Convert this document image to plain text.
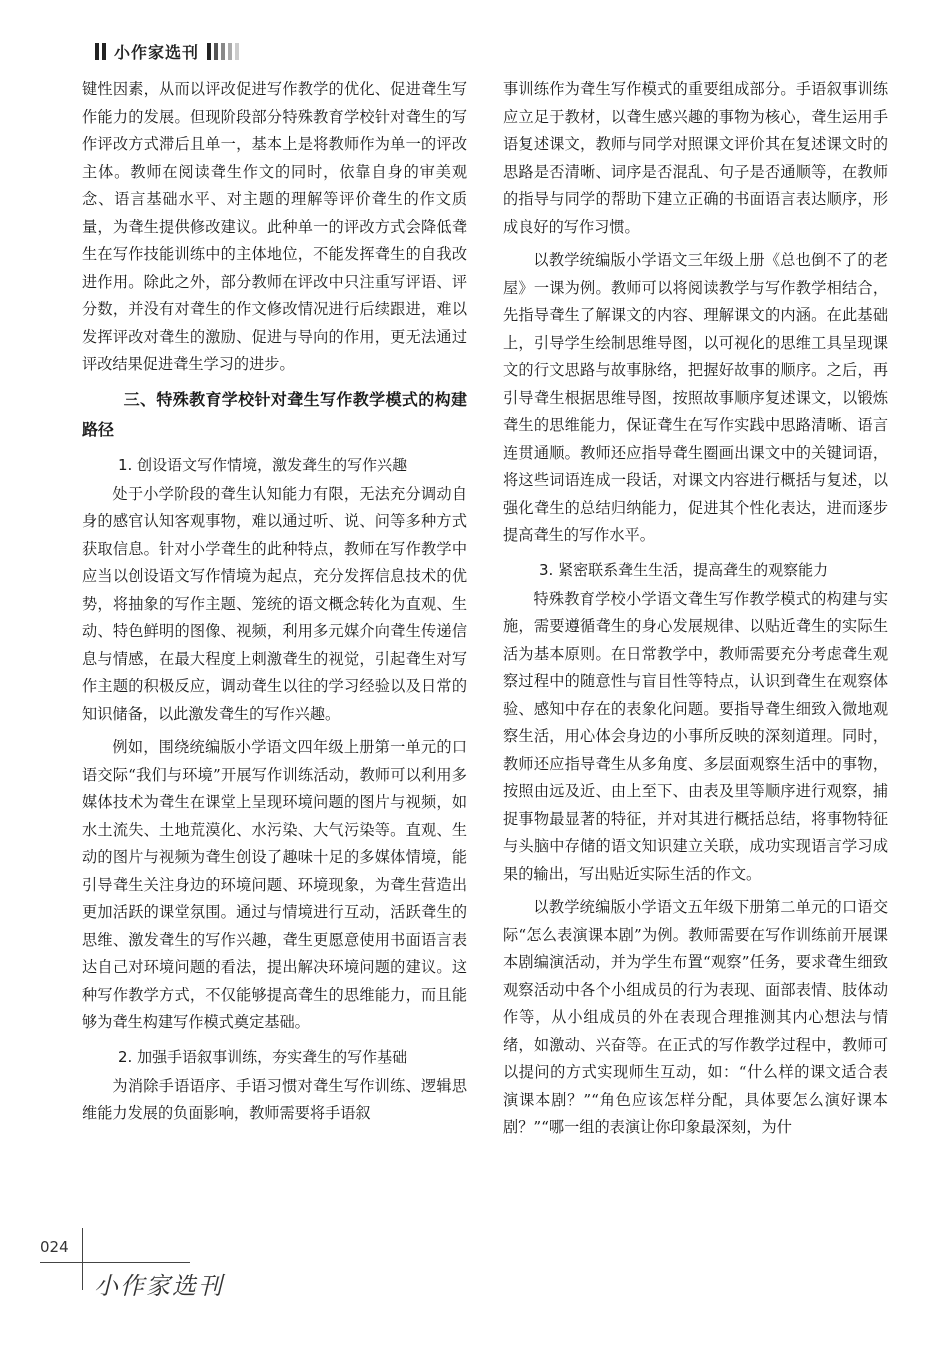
小作家选刊

键性因素，从而以评改促进写作教学的优化、促进聋生写作能力的发展。但现阶段部分特殊教育学校针对聋生的写作评改方式滞后且单一，基本上是将教师作为单一的评改主体。教师在阅读聋生作文的同时，依靠自身的审美观念、语言基础水平、对主题的理解等评价聋生的作文质量，为聋生提供修改建议。此种单一的评改方式会降低聋生在写作技能训练中的主体地位，不能发挥聋生的自我改进作用。除此之外，部分教师在评改中只注重写评语、评分数，并没有对聋生的作文修改情况进行后续跟进，难以发挥评改对聋生的激励、促进与导向的作用，更无法通过评改结果促进聋生学习的进步。

三、特殊教育学校针对聋生写作教学模式的构建路径
1. 创设语文写作情境，激发聋生的写作兴趣

处于小学阶段的聋生认知能力有限，无法充分调动自身的感官认知客观事物，难以通过听、说、问等多种方式获取信息。针对小学聋生的此种特点，教师在写作教学中应当以创设语文写作情境为起点，充分发挥信息技术的优势，将抽象的写作主题、笼统的语文概念转化为直观、生动、特色鲜明的图像、视频，利用多元媒介向聋生传递信息与情感，在最大程度上刺激聋生的视觉，引起聋生对写作主题的积极反应，调动聋生以往的学习经验以及日常的知识储备，以此激发聋生的写作兴趣。

例如，围绕统编版小学语文四年级上册第一单元的口语交际“我们与环境”开展写作训练活动，教师可以利用多媒体技术为聋生在课堂上呈现环境问题的图片与视频，如水土流失、土地荒漠化、水污染、大气污染等。直观、生动的图片与视频为聋生创设了趣味十足的多媒体情境，能引导聋生关注身边的环境问题、环境现象，为聋生营造出更加活跃的课堂氛围。通过与情境进行互动，活跃聋生的思维、激发聋生的写作兴趣，聋生更愿意使用书面语言表达自己对环境问题的看法，提出解决环境问题的建议。这种写作教学方式，不仅能够提高聋生的思维能力，而且能够为聋生构建写作模式奠定基础。

2. 加强手语叙事训练，夯实聋生的写作基础

为消除手语语序、手语习惯对聋生写作训练、逻辑思维能力发展的负面影响，教师需要将手语叙

事训练作为聋生写作模式的重要组成部分。手语叙事训练应立足于教材，以聋生感兴趣的事物为核心，聋生运用手语复述课文，教师与同学对照课文评价其在复述课文时的思路是否清晰、词序是否混乱、句子是否通顺等，在教师的指导与同学的帮助下建立正确的书面语言表达顺序，形成良好的写作习惯。

以教学统编版小学语文三年级上册《总也倒不了的老屋》一课为例。教师可以将阅读教学与写作教学相结合，先指导聋生了解课文的内容、理解课文的内涵。在此基础上，引导学生绘制思维导图，以可视化的思维工具呈现课文的行文思路与故事脉络，把握好故事的顺序。之后，再引导聋生根据思维导图，按照故事顺序复述课文，以锻炼聋生的思维能力，保证聋生在写作实践中思路清晰、语言连贯通顺。教师还应指导聋生圈画出课文中的关键词语，将这些词语连成一段话，对课文内容进行概括与复述，以强化聋生的总结归纳能力，促进其个性化表达，进而逐步提高聋生的写作水平。

3. 紧密联系聋生生活，提高聋生的观察能力

特殊教育学校小学语文聋生写作教学模式的构建与实施，需要遵循聋生的身心发展规律、以贴近聋生的实际生活为基本原则。在日常教学中，教师需要充分考虑聋生观察过程中的随意性与盲目性等特点，认识到聋生在观察体验、感知中存在的表象化问题。要指导聋生细致入微地观察生活，用心体会身边的小事所反映的深刻道理。同时，教师还应指导聋生从多角度、多层面观察生活中的事物，按照由远及近、由上至下、由表及里等顺序进行观察，捕捉事物最显著的特征，并对其进行概括总结，将事物特征与头脑中存储的语文知识建立关联，成功实现语言学习成果的输出，写出贴近实际生活的作文。

以教学统编版小学语文五年级下册第二单元的口语交际“怎么表演课本剧”为例。教师需要在写作训练前开展课本剧编演活动，并为学生布置“观察”任务，要求聋生细致观察活动中各个小组成员的行为表现、面部表情、肢体动作等，从小组成员的外在表现合理推测其内心想法与情绪，如激动、兴奋等。在正式的写作教学过程中，教师可以提问的方式实现师生互动，如：“什么样的课文适合表演课本剧？”“角色应该怎样分配，具体要怎么演好课本剧？”“哪一组的表演让你印象最深刻，为什

024
小作家选刊
